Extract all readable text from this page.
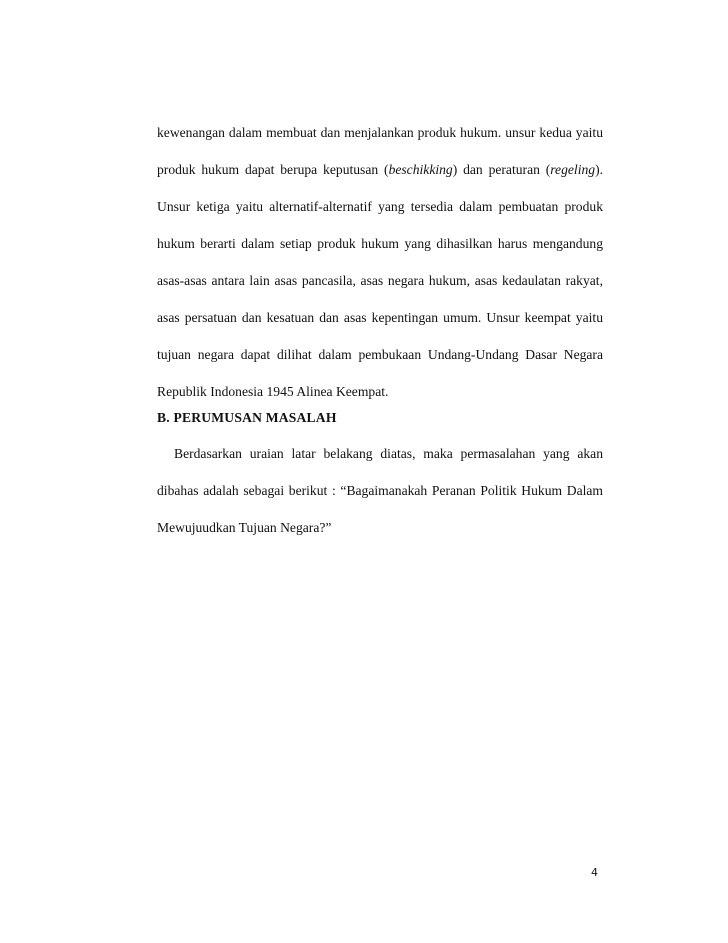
kewenangan dalam membuat dan menjalankan produk hukum. unsur kedua yaitu
produk hukum dapat berupa keputusan (beschikking) dan peraturan (regeling).
Unsur ketiga yaitu alternatif-alternatif yang tersedia dalam pembuatan produk
hukum berarti dalam setiap produk hukum yang dihasilkan harus mengandung
asas-asas antara lain asas pancasila, asas negara hukum, asas kedaulatan rakyat,
asas persatuan dan kesatuan dan asas kepentingan umum. Unsur keempat yaitu
tujuan negara dapat dilihat dalam pembukaan Undang-Undang Dasar Negara
Republik Indonesia 1945 Alinea Keempat.
B. PERUMUSAN MASALAH
Berdasarkan uraian latar belakang diatas, maka permasalahan yang akan
dibahas adalah sebagai berikut : “Bagaimanakah Peranan Politik Hukum Dalam
Mewujuudkan Tujuan Negara?”
4
